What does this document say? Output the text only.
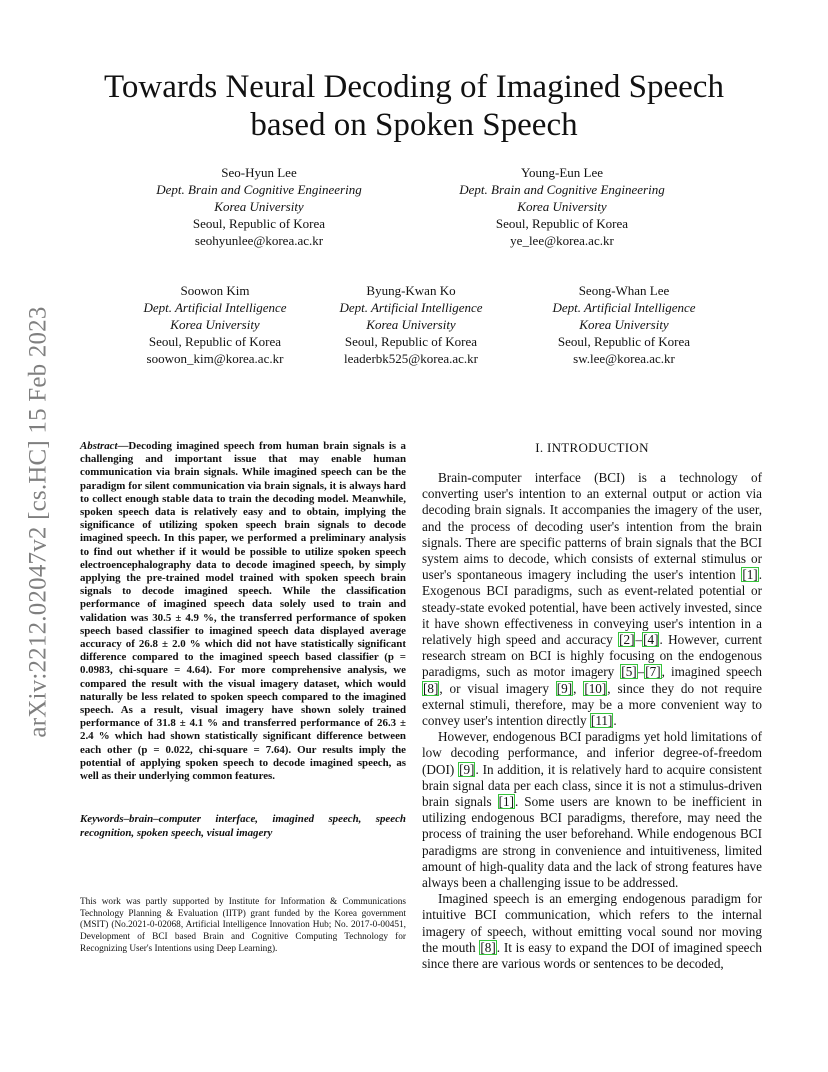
arXiv:2212.02047v2 [cs.HC] 15 Feb 2023
Towards Neural Decoding of Imagined Speech
based on Spoken Speech
Seo-Hyun Lee
Dept. Brain and Cognitive Engineering
Korea University
Seoul, Republic of Korea
seohyunlee@korea.ac.kr
Young-Eun Lee
Dept. Brain and Cognitive Engineering
Korea University
Seoul, Republic of Korea
ye_lee@korea.ac.kr
Soowon Kim
Dept. Artificial Intelligence
Korea University
Seoul, Republic of Korea
soowon_kim@korea.ac.kr
Byung-Kwan Ko
Dept. Artificial Intelligence
Korea University
Seoul, Republic of Korea
leaderbk525@korea.ac.kr
Seong-Whan Lee
Dept. Artificial Intelligence
Korea University
Seoul, Republic of Korea
sw.lee@korea.ac.kr
Abstract—Decoding imagined speech from human brain signals is a challenging and important issue that may enable human communication via brain signals. While imagined speech can be the paradigm for silent communication via brain signals, it is always hard to collect enough stable data to train the decoding model. Meanwhile, spoken speech data is relatively easy and to obtain, implying the significance of utilizing spoken speech brain signals to decode imagined speech. In this paper, we performed a preliminary analysis to find out whether if it would be possible to utilize spoken speech electroencephalography data to decode imagined speech, by simply applying the pre-trained model trained with spoken speech brain signals to decode imagined speech. While the classification performance of imagined speech data solely used to train and validation was 30.5 ± 4.9 %, the transferred performance of spoken speech based classifier to imagined speech data displayed average accuracy of 26.8 ± 2.0 % which did not have statistically significant difference compared to the imagined speech based classifier (p = 0.0983, chi-square = 4.64). For more comprehensive analysis, we compared the result with the visual imagery dataset, which would naturally be less related to spoken speech compared to the imagined speech. As a result, visual imagery have shown solely trained performance of 31.8 ± 4.1 % and transferred performance of 26.3 ± 2.4 % which had shown statistically significant difference between each other (p = 0.022, chi-square = 7.64). Our results imply the potential of applying spoken speech to decode imagined speech, as well as their underlying common features.
Keywords–brain–computer interface, imagined speech, speech recognition, spoken speech, visual imagery
This work was partly supported by Institute for Information & Communications Technology Planning & Evaluation (IITP) grant funded by the Korea government (MSIT) (No.2021-0-02068, Artificial Intelligence Innovation Hub; No. 2017-0-00451, Development of BCI based Brain and Cognitive Computing Technology for Recognizing User's Intentions using Deep Learning).
I. INTRODUCTION

Brain-computer interface (BCI) is a technology of converting user's intention to an external output or action via decoding brain signals. It accompanies the imagery of the user, and the process of decoding user's intention from the brain signals. There are specific patterns of brain signals that the BCI system aims to decode, which consists of external stimulus or user's spontaneous imagery including the user's intention [1]. Exogenous BCI paradigms, such as event-related potential or steady-state evoked potential, have been actively invested, since it have shown effectiveness in conveying user's intention in a relatively high speed and accuracy [2]–[4]. However, current research stream on BCI is highly focusing on the endogenous paradigms, such as motor imagery [5]–[7], imagined speech [8], or visual imagery [9], [10], since they do not require external stimuli, therefore, may be a more convenient way to convey user's intention directly [11].

However, endogenous BCI paradigms yet hold limitations of low decoding performance, and inferior degree-of-freedom (DOI) [9]. In addition, it is relatively hard to acquire consistent brain signal data per each class, since it is not a stimulus-driven brain signals [1]. Some users are known to be inefficient in utilizing endogenous BCI paradigms, therefore, may need the process of training the user beforehand. While endogenous BCI paradigms are strong in convenience and intuitiveness, limited amount of high-quality data and the lack of strong features have always been a challenging issue to be addressed.

Imagined speech is an emerging endogenous paradigm for intuitive BCI communication, which refers to the internal imagery of speech, without emitting vocal sound nor moving the mouth [8]. It is easy to expand the DOI of imagined speech since there are various words or sentences to be decoded,
